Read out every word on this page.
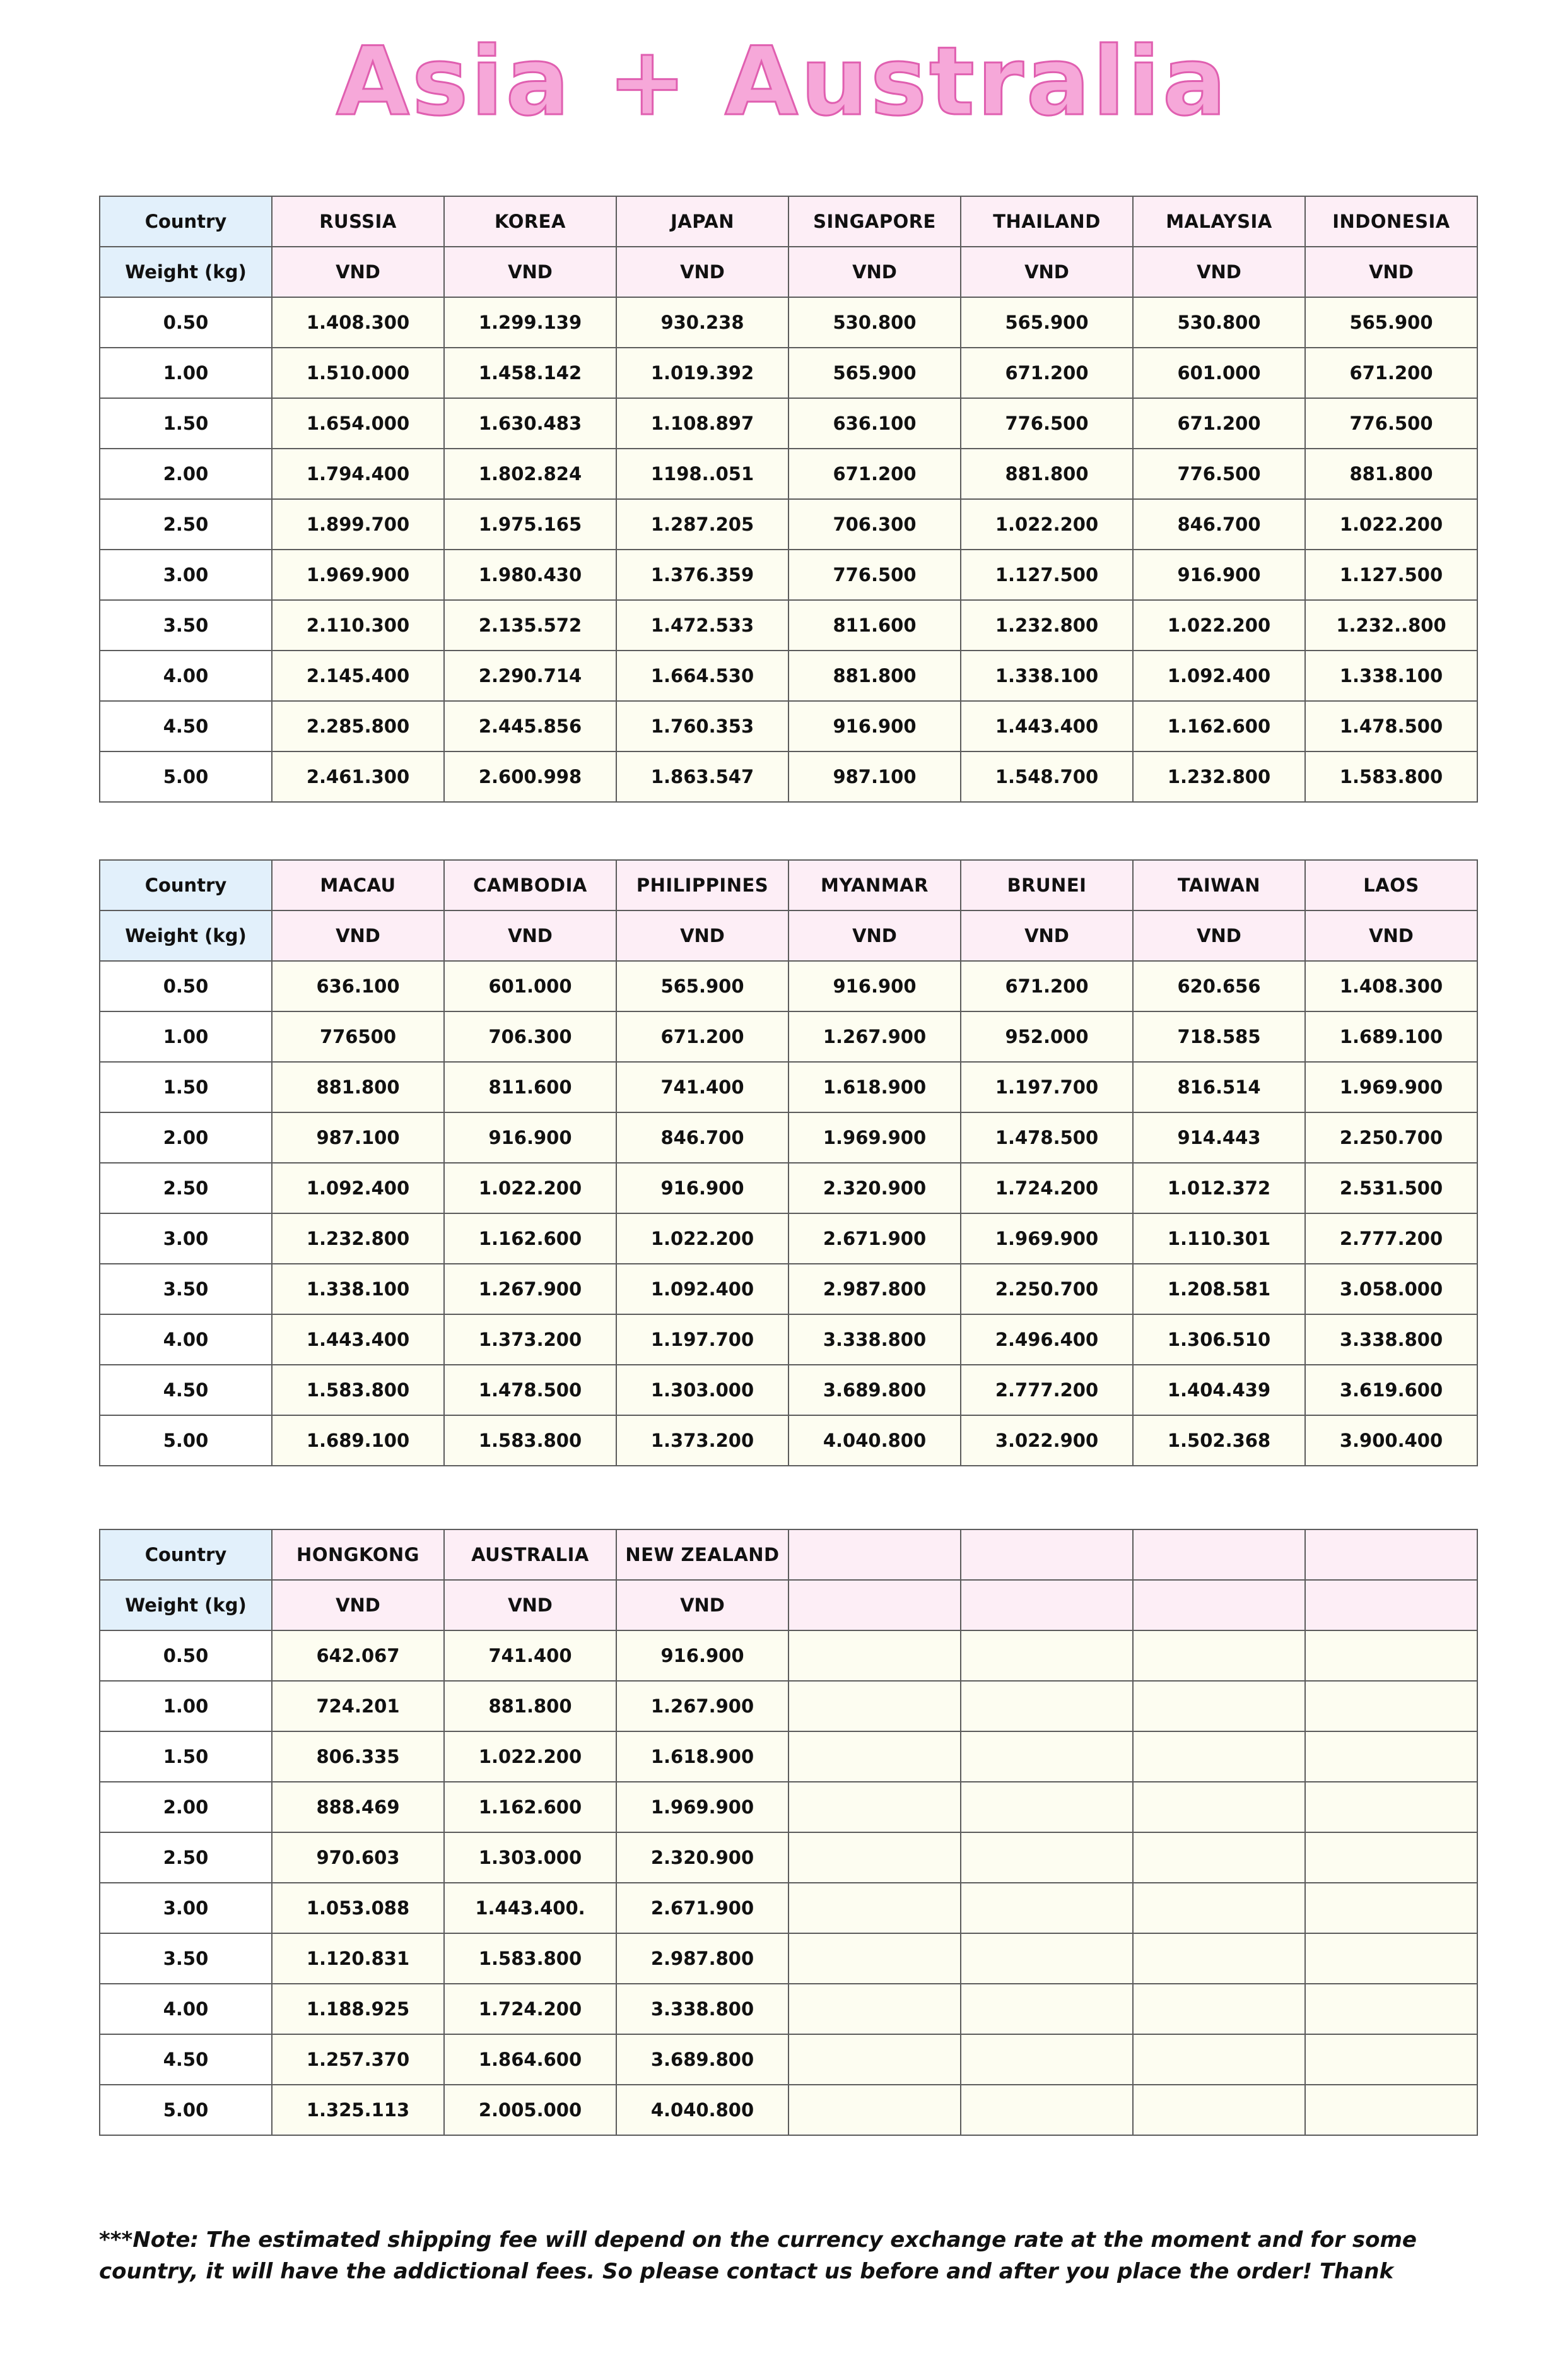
Asia + Australia
Country	RUSSIA	KOREA	JAPAN	SINGAPORE	THAILAND	MALAYSIA	INDONESIA
Weight (kg)	VND	VND	VND	VND	VND	VND	VND
0.50	1.408.300	1.299.139	930.238	530.800	565.900	530.800	565.900
1.00	1.510.000	1.458.142	1.019.392	565.900	671.200	601.000	671.200
1.50	1.654.000	1.630.483	1.108.897	636.100	776.500	671.200	776.500
2.00	1.794.400	1.802.824	1198..051	671.200	881.800	776.500	881.800
2.50	1.899.700	1.975.165	1.287.205	706.300	1.022.200	846.700	1.022.200
3.00	1.969.900	1.980.430	1.376.359	776.500	1.127.500	916.900	1.127.500
3.50	2.110.300	2.135.572	1.472.533	811.600	1.232.800	1.022.200	1.232..800
4.00	2.145.400	2.290.714	1.664.530	881.800	1.338.100	1.092.400	1.338.100
4.50	2.285.800	2.445.856	1.760.353	916.900	1.443.400	1.162.600	1.478.500
5.00	2.461.300	2.600.998	1.863.547	987.100	1.548.700	1.232.800	1.583.800
Country	MACAU	CAMBODIA	PHILIPPINES	MYANMAR	BRUNEI	TAIWAN	LAOS
Weight (kg)	VND	VND	VND	VND	VND	VND	VND
0.50	636.100	601.000	565.900	916.900	671.200	620.656	1.408.300
1.00	776500	706.300	671.200	1.267.900	952.000	718.585	1.689.100
1.50	881.800	811.600	741.400	1.618.900	1.197.700	816.514	1.969.900
2.00	987.100	916.900	846.700	1.969.900	1.478.500	914.443	2.250.700
2.50	1.092.400	1.022.200	916.900	2.320.900	1.724.200	1.012.372	2.531.500
3.00	1.232.800	1.162.600	1.022.200	2.671.900	1.969.900	1.110.301	2.777.200
3.50	1.338.100	1.267.900	1.092.400	2.987.800	2.250.700	1.208.581	3.058.000
4.00	1.443.400	1.373.200	1.197.700	3.338.800	2.496.400	1.306.510	3.338.800
4.50	1.583.800	1.478.500	1.303.000	3.689.800	2.777.200	1.404.439	3.619.600
5.00	1.689.100	1.583.800	1.373.200	4.040.800	3.022.900	1.502.368	3.900.400
Country	HONGKONG	AUSTRALIA	NEW ZEALAND				
Weight (kg)	VND	VND	VND				
0.50	642.067	741.400	916.900				
1.00	724.201	881.800	1.267.900				
1.50	806.335	1.022.200	1.618.900				
2.00	888.469	1.162.600	1.969.900				
2.50	970.603	1.303.000	2.320.900				
3.00	1.053.088	1.443.400.	2.671.900				
3.50	1.120.831	1.583.800	2.987.800				
4.00	1.188.925	1.724.200	3.338.800				
4.50	1.257.370	1.864.600	3.689.800				
5.00	1.325.113	2.005.000	4.040.800				
***Note: The estimated shipping fee will depend on the currency exchange rate at the moment and for some country, it will have the addictional fees. So please contact us before and after you place the order! Thank
